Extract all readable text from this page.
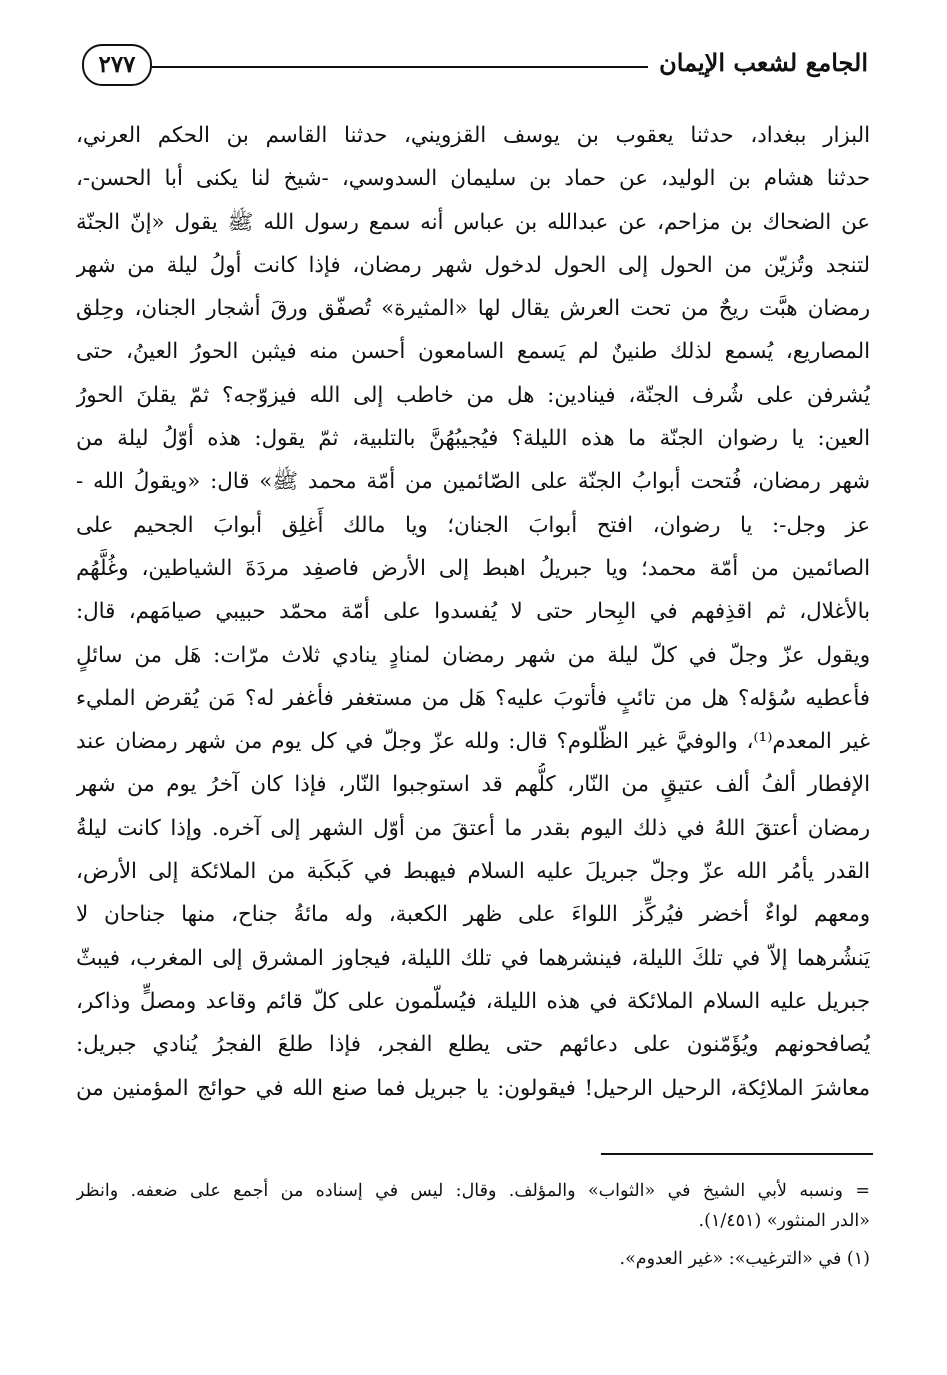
الجامع لشعب الإيمان
٢٧٧
البزار ببغداد، حدثنا يعقوب بن يوسف القزويني، حدثنا القاسم بن الحكم العرني،
حدثنا هشام بن الوليد، عن حماد بن سليمان السدوسي، -شيخ لنا يكنى أبا الحسن-،
عن الضحاك بن مزاحم، عن عبدالله بن عباس أنه سمع رسول الله ﷺ يقول «إنّ الجنّة
لتنجد وتُزيّن من الحول إلى الحول لدخول شهر رمضان، فإذا كانت أولُ ليلة من شهر
رمضان هبَّت ريحٌ من تحت العرش يقال لها «المثيرة» تُصفّق ورقَ أشجار الجنان، وحِلق
المصاريع، يُسمع لذلك طنينٌ لم يَسمع السامعون أحسن منه فيثبن الحورُ العينُ، حتى
يُشرفن على شُرف الجنّة، فينادين: هل من خاطب إلى الله فيزوّجه؟ ثمّ يقلنَ الحورُ
العين: يا رضوان الجنّة ما هذه الليلة؟ فيُجيبُهُنَّ بالتلبية، ثمّ يقول: هذه أوّلُ ليلة من
شهر رمضان، فُتحت أبوابُ الجنّة على الصّائمين من أمّة محمد ﷺ» قال: «ويقولُ الله -
عز وجل-: يا رضوان، افتح أبوابَ الجنان؛ ويا مالك أَغلِق أبوابَ الجحيم على
الصائمين من أمّة محمد؛ ويا جبريلُ اهبط إلى الأرض فاصفِد مردَةَ الشياطين، وغُلَّهُم
بالأغلال، ثم اقذِفهم في البِحار حتى لا يُفسدوا على أمّة محمّد حبيبي صيامَهم، قال:
ويقول عزّ وجلّ في كلّ ليلة من شهر رمضان لمنادٍ ينادي ثلاث مرّات: هَل من سائلٍ
فأعطيه سُؤله؟ هل من تائبٍ فأتوبَ عليه؟ هَل من مستغفر فأغفر له؟ مَن يُقرض المليء
غير المعدم⁽¹⁾، والوفيَّ غير الظّلوم؟ قال: ولله عزّ وجلّ في كل يوم من شهر رمضان عند
الإفطار ألفُ ألف عتيقٍ من النّار، كلُّهم قد استوجبوا النّار، فإذا كان آخرُ يوم من شهر
رمضان أعتقَ اللهُ في ذلك اليوم بقدر ما أعتقَ من أوّل الشهر إلى آخره. وإذا كانت ليلةُ
القدر يأمُر الله عزّ وجلّ جبريلَ عليه السلام فيهبط في كَبكَبة من الملائكة إلى الأرض،
ومعهم لواءٌ أخضر فيُركِّز اللواءَ على ظهر الكعبة، وله مائةُ جناح، منها جناحان لا
يَنشُرهما إلاّ في تلكَ الليلة، فينشرهما في تلك الليلة، فيجاوز المشرق إلى المغرب، فيبثّ
جبريل عليه السلام الملائكة في هذه الليلة، فيُسلّمون على كلّ قائم وقاعد ومصلٍّ وذاكر،
يُصافحونهم ويُؤَمّنون على دعائهم حتى يطلع الفجر، فإذا طلعَ الفجرُ يُنادي جبريل:
معاشرَ الملائِكة، الرحيل الرحيل! فيقولون: يا جبريل فما صنع الله في حوائج المؤمنين من
= ونسبه لأبي الشيخ في «الثواب» والمؤلف. وقال: ليس في إسناده من أجمع على ضعفه. وانظر
«الدر المنثور» (١/٤٥١).
(١) في «الترغيب»: «غير العدوم».
